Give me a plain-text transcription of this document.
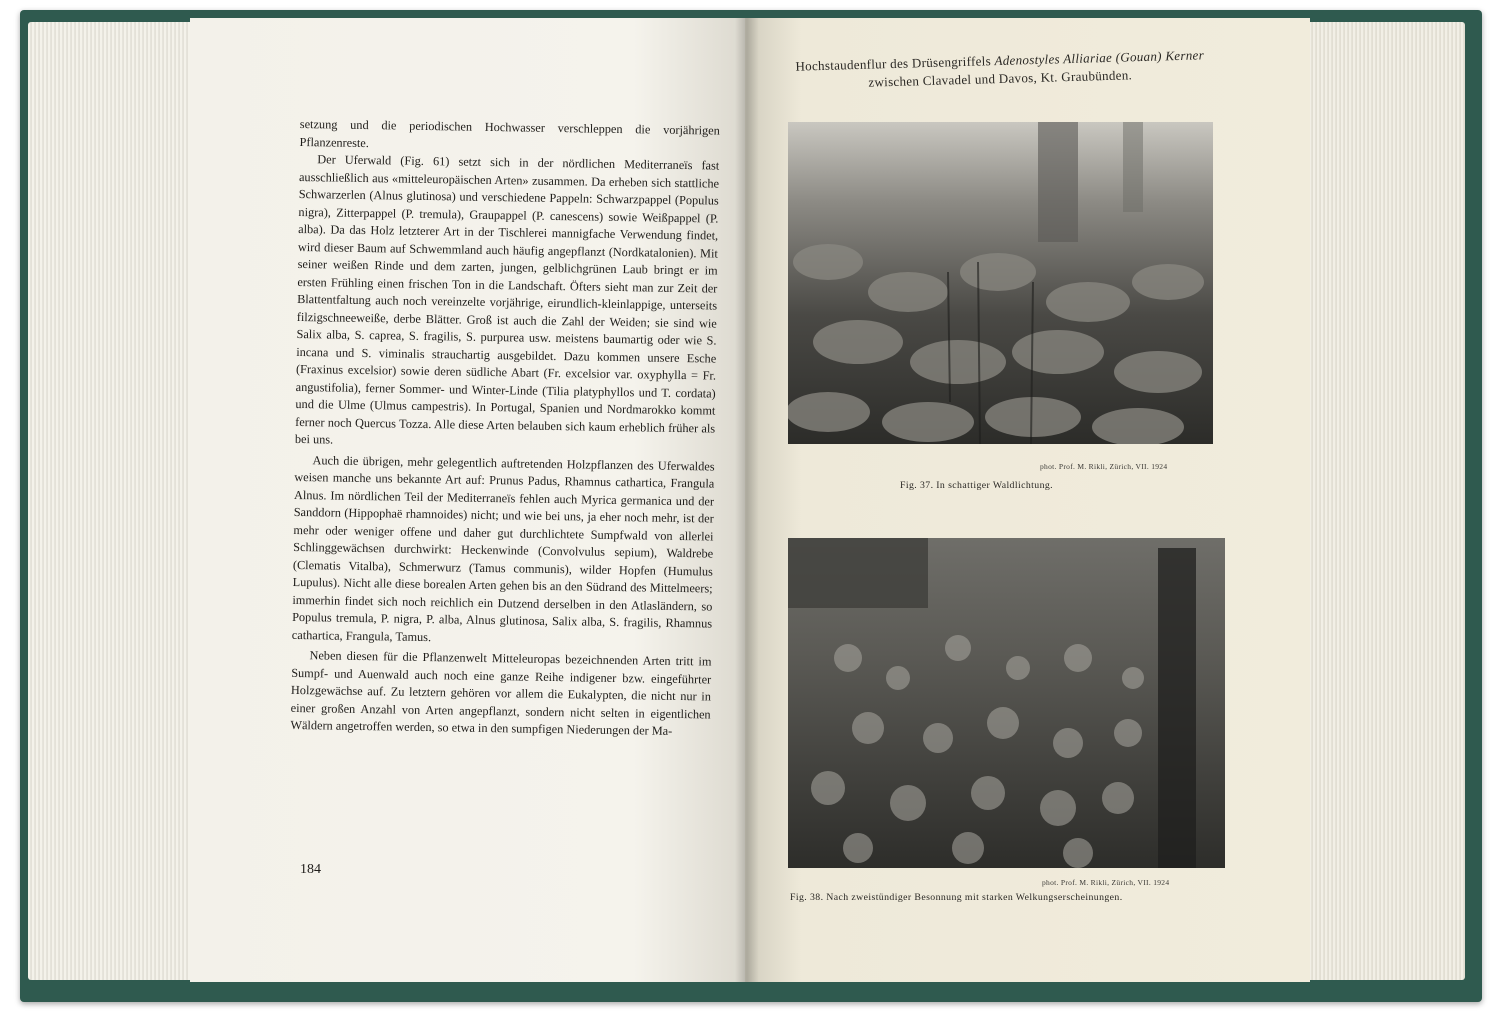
setzung und die periodischen Hochwasser verschleppen die vorjährigen Pflanzenreste.

Der Uferwald (Fig. 61) setzt sich in der nördlichen Mediterraneïs fast ausschließlich aus «mitteleuropäischen Arten» zusammen. Da erheben sich stattliche Schwarzerlen (Alnus glutinosa) und verschiedene Pappeln: Schwarzpappel (Populus nigra), Zitterpappel (P. tremula), Graupappel (P. canescens) sowie Weißpappel (P. alba). Da das Holz letzterer Art in der Tischlerei mannigfache Verwendung findet, wird dieser Baum auf Schwemmland auch häufig angepflanzt (Nordkatalonien). Mit seiner weißen Rinde und dem zarten, jungen, gelblichgrünen Laub bringt er im ersten Frühling einen frischen Ton in die Landschaft. Öfters sieht man zur Zeit der Blattentfaltung auch noch vereinzelte vorjährige, eirundlich-kleinlappige, unterseits filzigschneeweiße, derbe Blätter. Groß ist auch die Zahl der Weiden; sie sind wie Salix alba, S. caprea, S. fragilis, S. purpurea usw. meistens baumartig oder wie S. incana und S. viminalis strauchartig ausgebildet. Dazu kommen unsere Esche (Fraxinus excelsior) sowie deren südliche Abart (Fr. excelsior var. oxyphylla = Fr. angustifolia), ferner Sommer- und Winter-Linde (Tilia platyphyllos und T. cordata) und die Ulme (Ulmus campestris). In Portugal, Spanien und Nordmarokko kommt ferner noch Quercus Tozza. Alle diese Arten belauben sich kaum erheblich früher als bei uns.

Auch die übrigen, mehr gelegentlich auftretenden Holzpflanzen des Uferwaldes weisen manche uns bekannte Art auf: Prunus Padus, Rhamnus cathartica, Frangula Alnus. Im nördlichen Teil der Mediterraneïs fehlen auch Myrica germanica und der Sanddorn (Hippophaë rhamnoides) nicht; und wie bei uns, ja eher noch mehr, ist der mehr oder weniger offene und daher gut durchlichtete Sumpfwald von allerlei Schlinggewächsen durchwirkt: Heckenwinde (Convolvulus sepium), Waldrebe (Clematis Vitalba), Schmerwurz (Tamus communis), wilder Hopfen (Humulus Lupulus). Nicht alle diese borealen Arten gehen bis an den Südrand des Mittelmeers; immerhin findet sich noch reichlich ein Dutzend derselben in den Atlasländern, so Populus tremula, P. nigra, P. alba, Alnus glutinosa, Salix alba, S. fragilis, Rhamnus cathartica, Frangula, Tamus.

Neben diesen für die Pflanzenwelt Mitteleuropas bezeichnenden Arten tritt im Sumpf- und Auenwald auch noch eine ganze Reihe indigener bzw. eingeführter Holzgewächse auf. Zu letztern gehören vor allem die Eukalypten, die nicht nur in einer großen Anzahl von Arten angepflanzt, sondern nicht selten in eigentlichen Wäldern angetroffen werden, so etwa in den sumpfigen Niederungen der Ma-

184
Hochstaudenflur des Drüsengriffels Adenostyles Alliariae (Gouan) Kerner
zwischen Clavadel und Davos, Kt. Graubünden.
phot. Prof. M. Rikli, Zürich, VII. 1924
Fig. 37. In schattiger Waldlichtung.
phot. Prof. M. Rikli, Zürich, VII. 1924
Fig. 38. Nach zweistündiger Besonnung mit starken Welkungserscheinungen.
